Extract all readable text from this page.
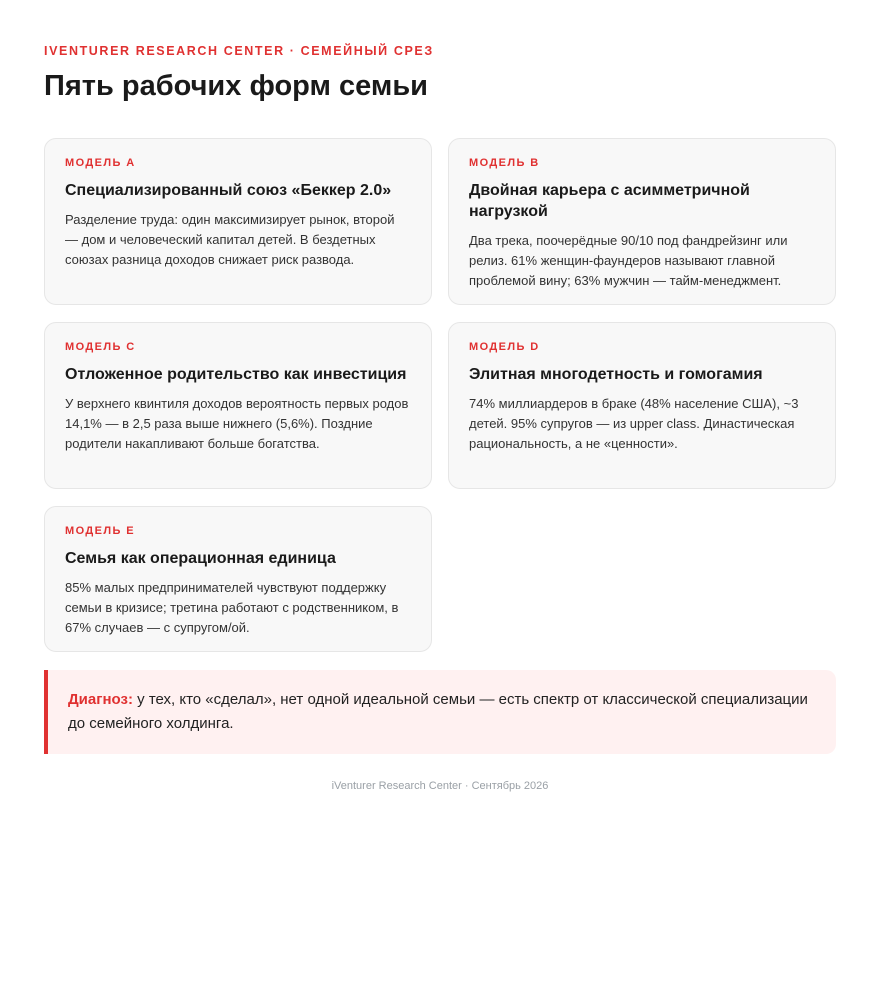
IVENTURER RESEARCH CENTER · СЕМЕЙНЫЙ СРЕЗ
Пять рабочих форм семьи
МОДЕЛЬ A
Специализированный союз «Беккер 2.0»
Разделение труда: один максимизирует рынок, второй — дом и человеческий капитал детей. В бездетных союзах разница доходов снижает риск развода.
МОДЕЛЬ B
Двойная карьера с асимметричной нагрузкой
Два трека, поочерёдные 90/10 под фандрейзинг или релиз. 61% женщин-фаундеров называют главной проблемой вину; 63% мужчин — тайм-менеджмент.
МОДЕЛЬ C
Отложенное родительство как инвестиция
У верхнего квинтиля доходов вероятность первых родов 14,1% — в 2,5 раза выше нижнего (5,6%). Поздние родители накапливают больше богатства.
МОДЕЛЬ D
Элитная многодетность и гомогамия
74% миллиардеров в браке (48% население США), ~3 детей. 95% супругов — из upper class. Династическая рациональность, а не «ценности».
МОДЕЛЬ E
Семья как операционная единица
85% малых предпринимателей чувствуют поддержку семьи в кризисе; третина работают с родственником, в 67% случаев — с супругом/ой.
Диагноз: у тех, кто «сделал», нет одной идеальной семьи — есть спектр от классической специализации до семейного холдинга.
iVenturer Research Center · Сентябрь 2026
